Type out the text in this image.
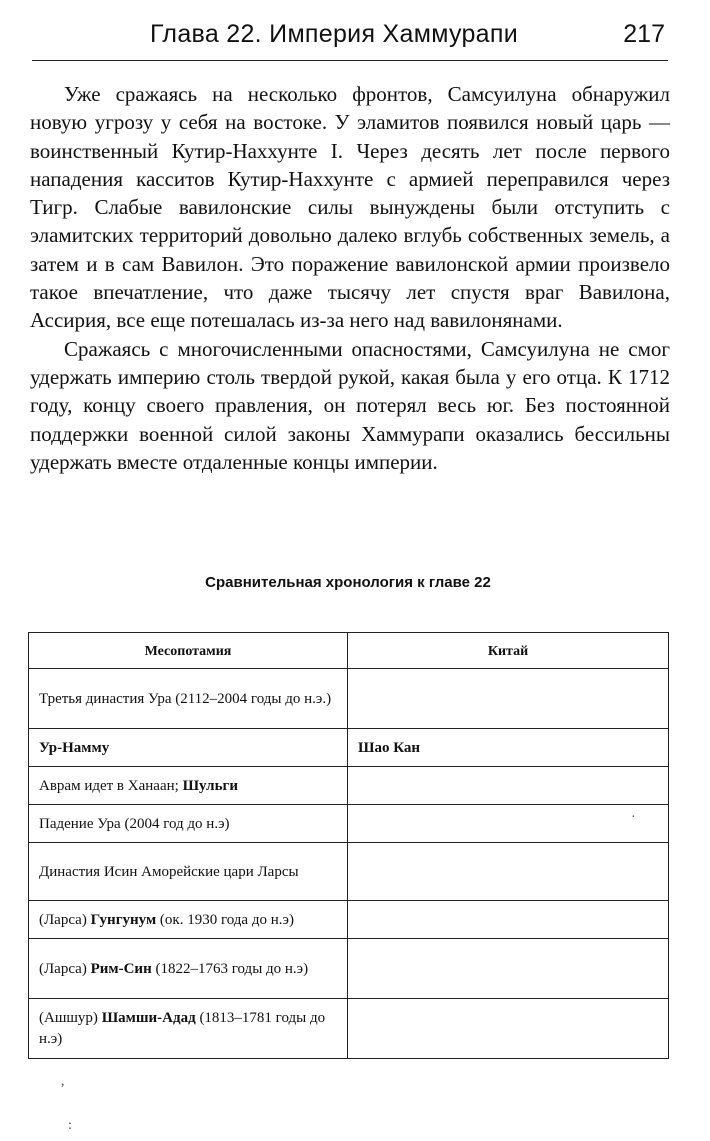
Глава 22. Империя Хаммурапи	217

Уже сражаясь на несколько фронтов, Самсуилуна обнаружил новую угрозу у себя на востоке. У эламитов появился новый царь — воинственный Кутир-Наххунте I. Через десять лет после первого нападения касситов Кутир-Наххунте с армией переправился через Тигр. Слабые вавилонские силы вынуждены были отступить с эламитских территорий довольно далеко вглубь собственных земель, а затем и в сам Вавилон. Это поражение вавилонской армии произвело такое впечатление, что даже тысячу лет спустя враг Вавилона, Ассирия, все еще потешалась из-за него над вавилонянами.

Сражаясь с многочисленными опасностями, Самсуилуна не смог удержать империю столь твердой рукой, какая была у его отца. К 1712 году, концу своего правления, он потерял весь юг. Без постоянной поддержки военной силой законы Хаммурапи оказались бессильны удержать вместе отдаленные концы империи.

Сравнительная хронология к главе 22
Месопотамия	Китай
Третья династия Ура (2112–2004 годы до н.э.)	
Ур-Намму	Шао Кан
Аврам идет в Ханаан; Шульги	
Падение Ура (2004 год до н.э)	
Династия Исин Аморейские цари Ларсы	
(Ларса) Гунгунум (ок. 1930 года до н.э)	
(Ларса) Рим-Син (1822–1763 годы до н.э)	
(Ашшур) Шамши-Адад (1813–1781 годы до н.э)	
·
,
:
